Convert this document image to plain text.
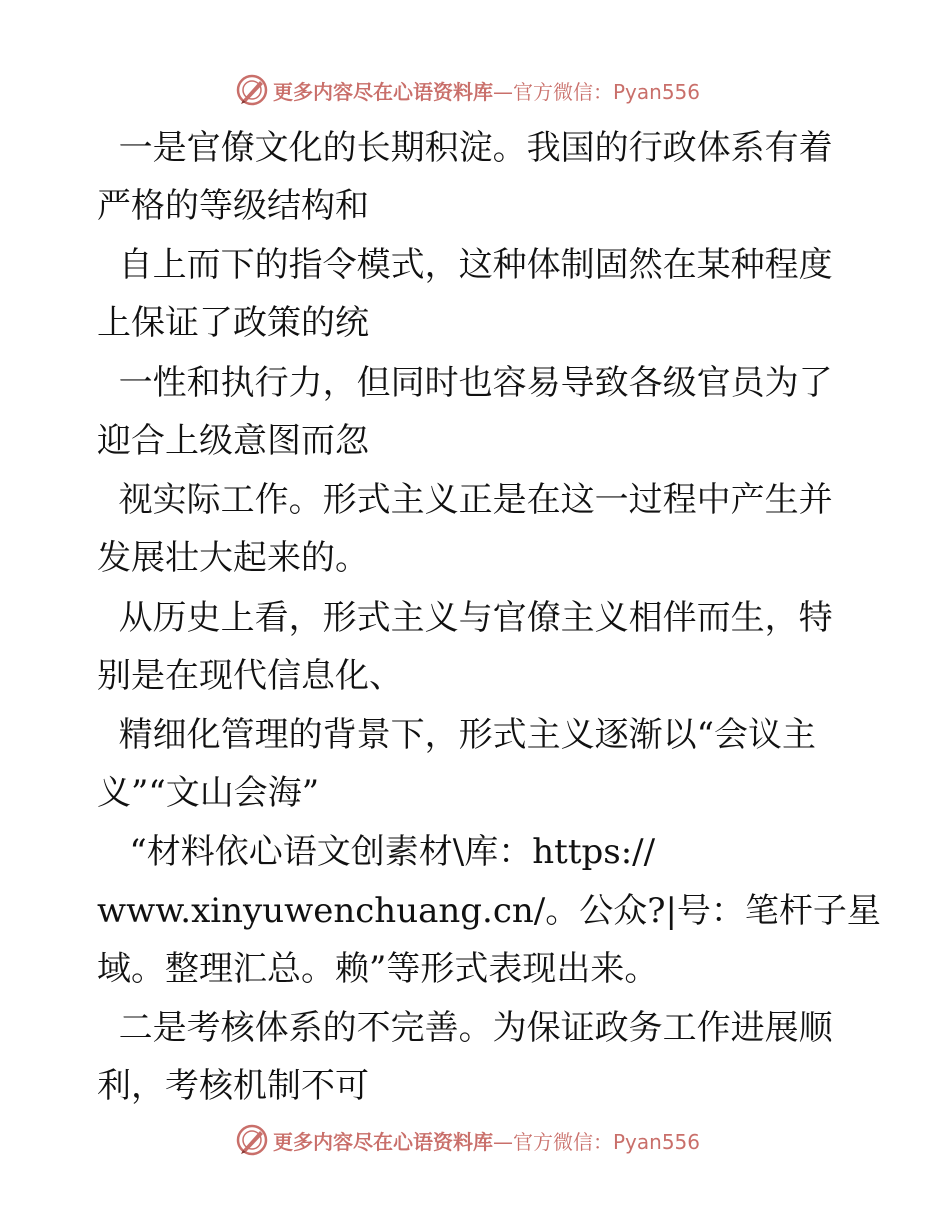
更多内容尽在心语资料库 —官方微信：Pyan556
一是官僚文化的长期积淀。我国的行政体系有着
严格的等级结构和
自上而下的指令模式，这种体制固然在某种程度
上保证了政策的统
一性和执行力，但同时也容易导致各级官员为了
迎合上级意图而忽
视实际工作。形式主义正是在这一过程中产生并
发展壮大起来的。
从历史上看，形式主义与官僚主义相伴而生，特
别是在现代信息化、
精细化管理的背景下，形式主义逐渐以“会议主
义”“文山会海”
“材料依心语文创素材\库：https://
www.xinyuwenchuang.cn/。公众?|号：笔杆子星
域。整理汇总。赖”等形式表现出来。
二是考核体系的不完善。为保证政务工作进展顺
利，考核机制不可
更多内容尽在心语资料库 —官方微信：Pyan556
